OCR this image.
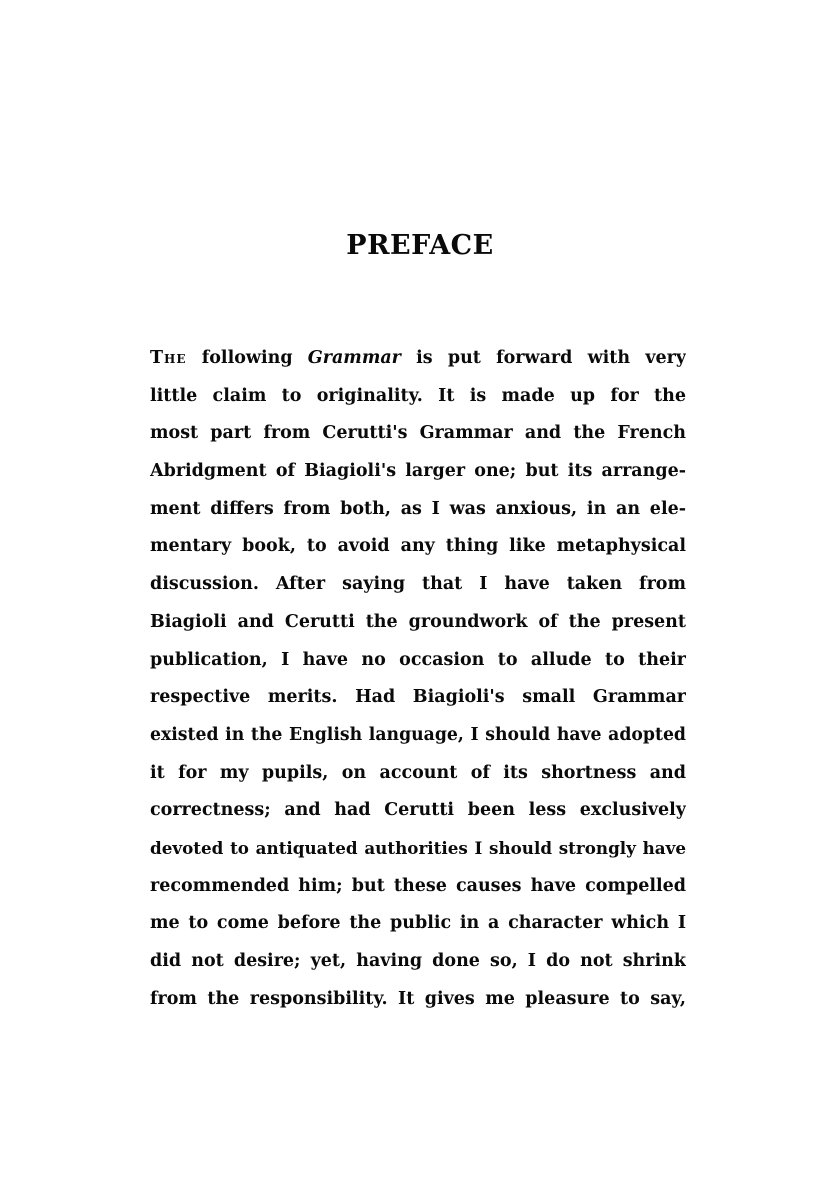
PREFACE
The following Grammar is put forward with very
little claim to originality. It is made up for the
most part from Cerutti's Grammar and the French
Abridgment of Biagioli's larger one; but its arrange-
ment differs from both, as I was anxious, in an ele-
mentary book, to avoid any thing like metaphysical
discussion. After saying that I have taken from
Biagioli and Cerutti the groundwork of the present
publication, I have no occasion to allude to their
respective merits. Had Biagioli's small Grammar
existed in the English language, I should have adopted
it for my pupils, on account of its shortness and
correctness; and had Cerutti been less exclusively
devoted to antiquated authorities I should strongly have
recommended him; but these causes have compelled
me to come before the public in a character which I
did not desire; yet, having done so, I do not shrink
from the responsibility. It gives me pleasure to say,
